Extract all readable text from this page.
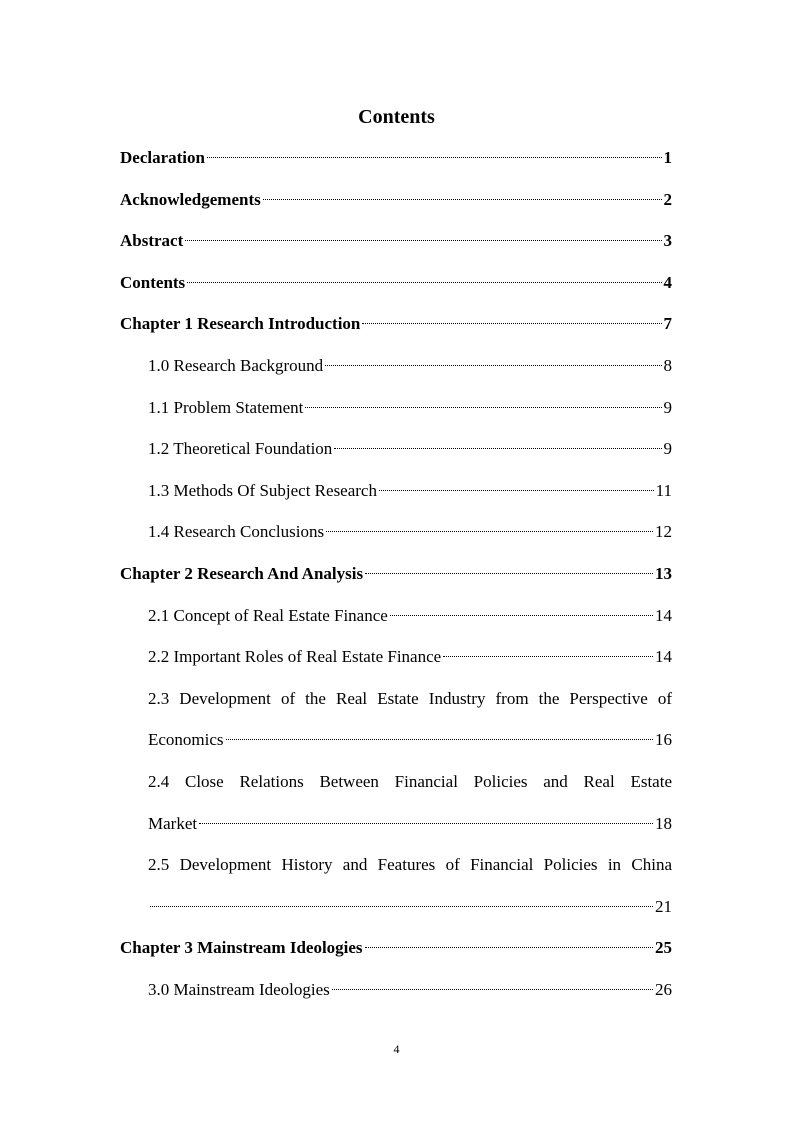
Contents
Declaration	1
Acknowledgements	2
Abstract	3
Contents	4
Chapter 1 Research Introduction	7
1.0 Research Background	8
1.1 Problem Statement	9
1.2 Theoretical Foundation	9
1.3 Methods Of Subject Research	11
1.4 Research Conclusions	12
Chapter 2 Research And Analysis	13
2.1 Concept of Real Estate Finance	14
2.2 Important Roles of Real Estate Finance	14
2.3 Development of the Real Estate Industry from the Perspective of
Economics	16
2.4 Close Relations Between Financial Policies and Real Estate
Market	18
2.5 Development History and Features of Financial Policies in China
21
Chapter 3 Mainstream Ideologies	25
3.0 Mainstream Ideologies	26
4
